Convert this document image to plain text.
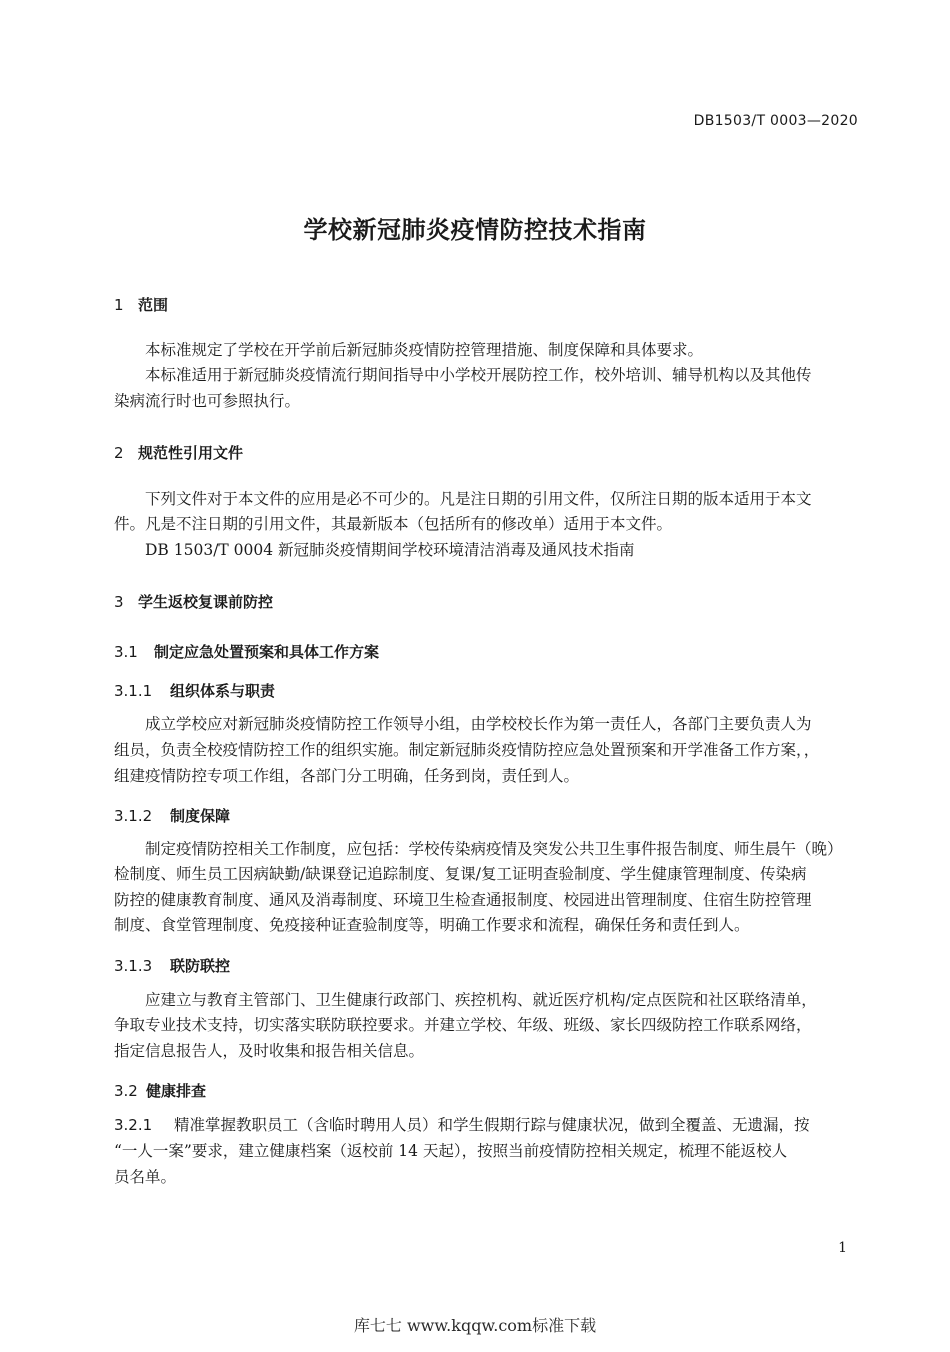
DB1503/T 0003—2020

学校新冠肺炎疫情防控技术指南

1 范围

本标准规定了学校在开学前后新冠肺炎疫情防控管理措施、制度保障和具体要求。

本标准适用于新冠肺炎疫情流行期间指导中小学校开展防控工作，校外培训、辅导机构以及其他传

染病流行时也可参照执行。

2 规范性引用文件

下列文件对于本文件的应用是必不可少的。凡是注日期的引用文件，仅所注日期的版本适用于本文

件。凡是不注日期的引用文件，其最新版本（包括所有的修改单）适用于本文件。

DB 1503/T 0004 新冠肺炎疫情期间学校环境清洁消毒及通风技术指南

3 学生返校复课前防控

3.1 制定应急处置预案和具体工作方案

3.1.1 组织体系与职责

成立学校应对新冠肺炎疫情防控工作领导小组，由学校校长作为第一责任人，各部门主要负责人为

组员，负责全校疫情防控工作的组织实施。制定新冠肺炎疫情防控应急处置预案和开学准备工作方案，，

组建疫情防控专项工作组，各部门分工明确，任务到岗，责任到人。

3.1.2 制度保障

制定疫情防控相关工作制度，应包括：学校传染病疫情及突发公共卫生事件报告制度、师生晨午（晚）

检制度、师生员工因病缺勤/缺课登记追踪制度、复课/复工证明查验制度、学生健康管理制度、传染病

防控的健康教育制度、通风及消毒制度、环境卫生检查通报制度、校园进出管理制度、住宿生防控管理

制度、食堂管理制度、免疫接种证查验制度等，明确工作要求和流程，确保任务和责任到人。

3.1.3 联防联控

应建立与教育主管部门、卫生健康行政部门、疾控机构、就近医疗机构/定点医院和社区联络清单，

争取专业技术支持，切实落实联防联控要求。并建立学校、年级、班级、家长四级防控工作联系网络，

指定信息报告人，及时收集和报告相关信息。

3.2 健康排查

3.2.1 精准掌握教职员工（含临时聘用人员）和学生假期行踪与健康状况，做到全覆盖、无遗漏，按

“一人一案”要求，建立健康档案（返校前 14 天起），按照当前疫情防控相关规定，梳理不能返校人

员名单。

1

库七七 www.kqqw.com标准下载
